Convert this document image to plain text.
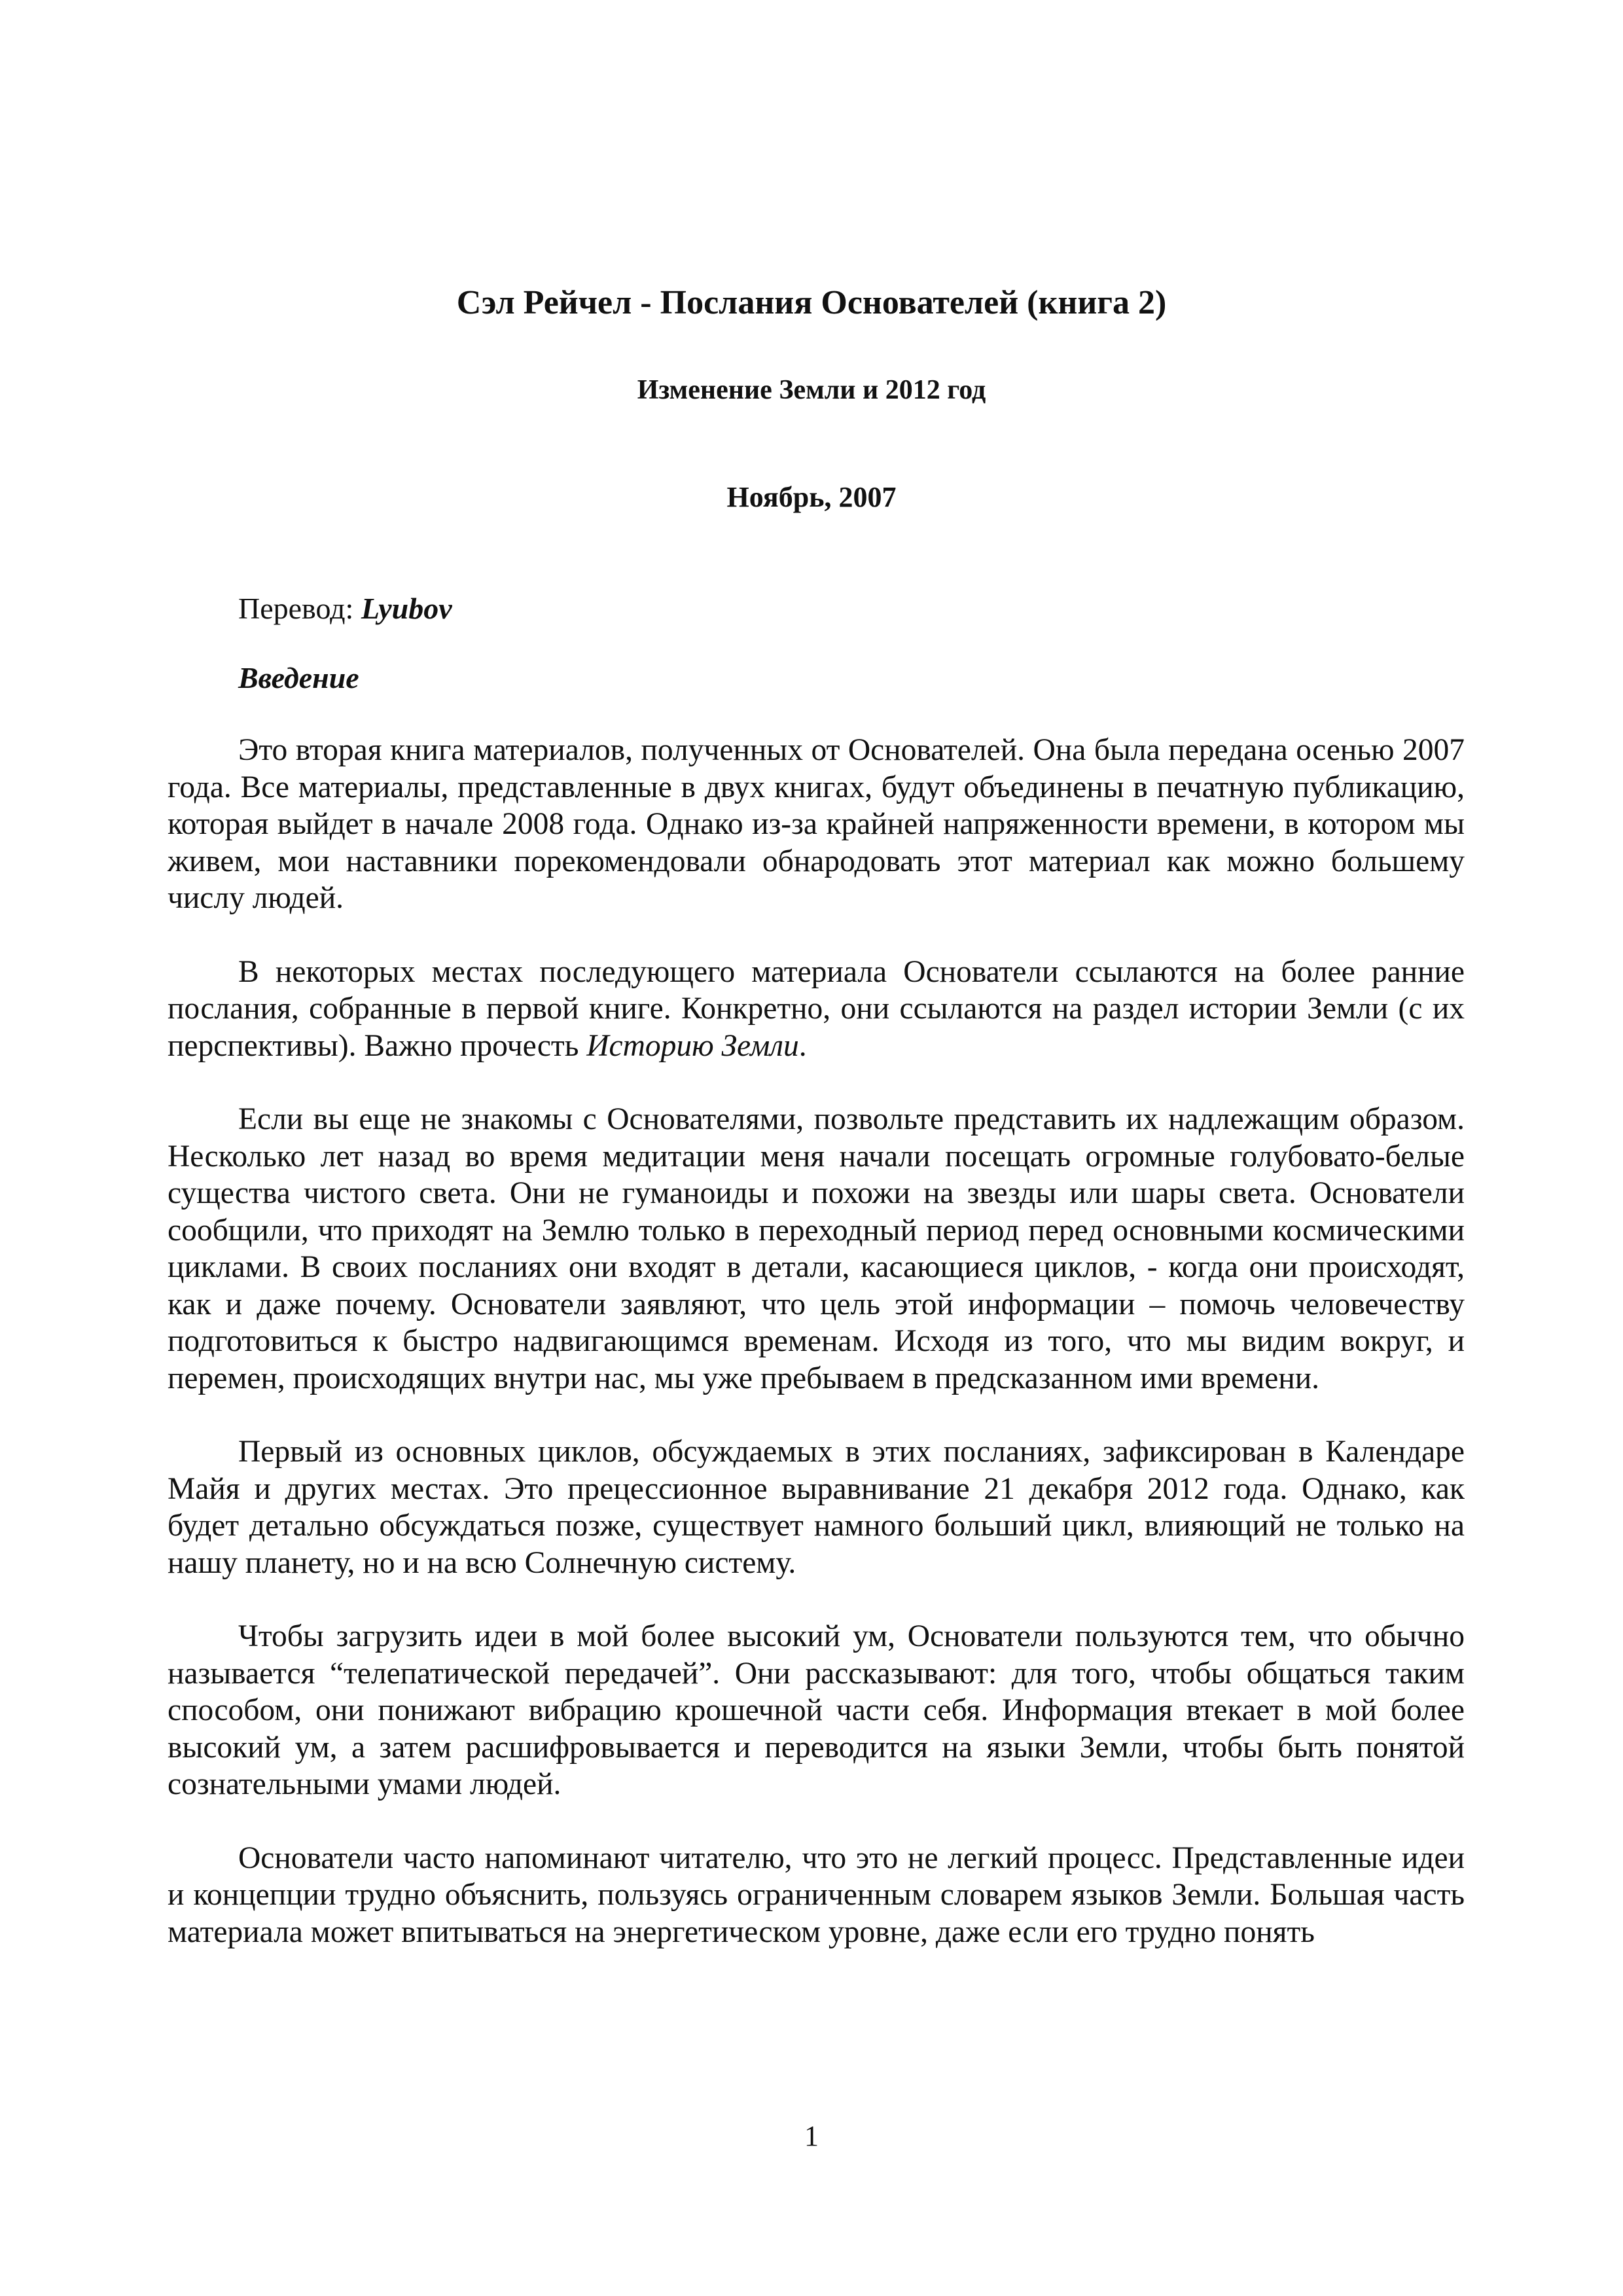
Сэл Рейчел - Послания Основателей (книга 2)
Изменение Земли и 2012 год

Ноябрь, 2007

Перевод: Lyubov

Введение

Это вторая книга материалов, полученных от Основателей. Она была передана осенью 2007 года. Все материалы, представленные в двух книгах, будут объединены в печатную публикацию, которая выйдет в начале 2008 года. Однако из-за крайней напряженности времени, в котором мы живем, мои наставники порекомендовали обнародовать этот материал как можно большему числу людей.

В некоторых местах последующего материала Основатели ссылаются на более ранние послания, собранные в первой книге. Конкретно, они ссылаются на раздел истории Земли (с их перспективы). Важно прочесть Историю Земли.

Если вы еще не знакомы с Основателями, позвольте представить их надлежащим образом. Несколько лет назад во время медитации меня начали посещать огромные голубовато-белые существа чистого света. Они не гуманоиды и похожи на звезды или шары света. Основатели сообщили, что приходят на Землю только в переходный период перед основными космическими циклами. В своих посланиях они входят в детали, касающиеся циклов, - когда они происходят, как и даже почему. Основатели заявляют, что цель этой информации – помочь человечеству подготовиться к быстро надвигающимся временам. Исходя из того, что мы видим вокруг, и перемен, происходящих внутри нас, мы уже пребываем в предсказанном ими времени.

Первый из основных циклов, обсуждаемых в этих посланиях, зафиксирован в Календаре Майя и других местах. Это прецессионное выравнивание 21 декабря 2012 года. Однако, как будет детально обсуждаться позже, существует намного больший цикл, влияющий не только на нашу планету, но и на всю Солнечную систему.

Чтобы загрузить идеи в мой более высокий ум, Основатели пользуются тем, что обычно называется “телепатической передачей”. Они рассказывают: для того, чтобы общаться таким способом, они понижают вибрацию крошечной части себя. Информация втекает в мой более высокий ум, а затем расшифровывается и переводится на языки Земли, чтобы быть понятой сознательными умами людей.

Основатели часто напоминают читателю, что это не легкий процесс. Представленные идеи и концепции трудно объяснить, пользуясь ограниченным словарем языков Земли. Большая часть материала может впитываться на энергетическом уровне, даже если его трудно понять

1
